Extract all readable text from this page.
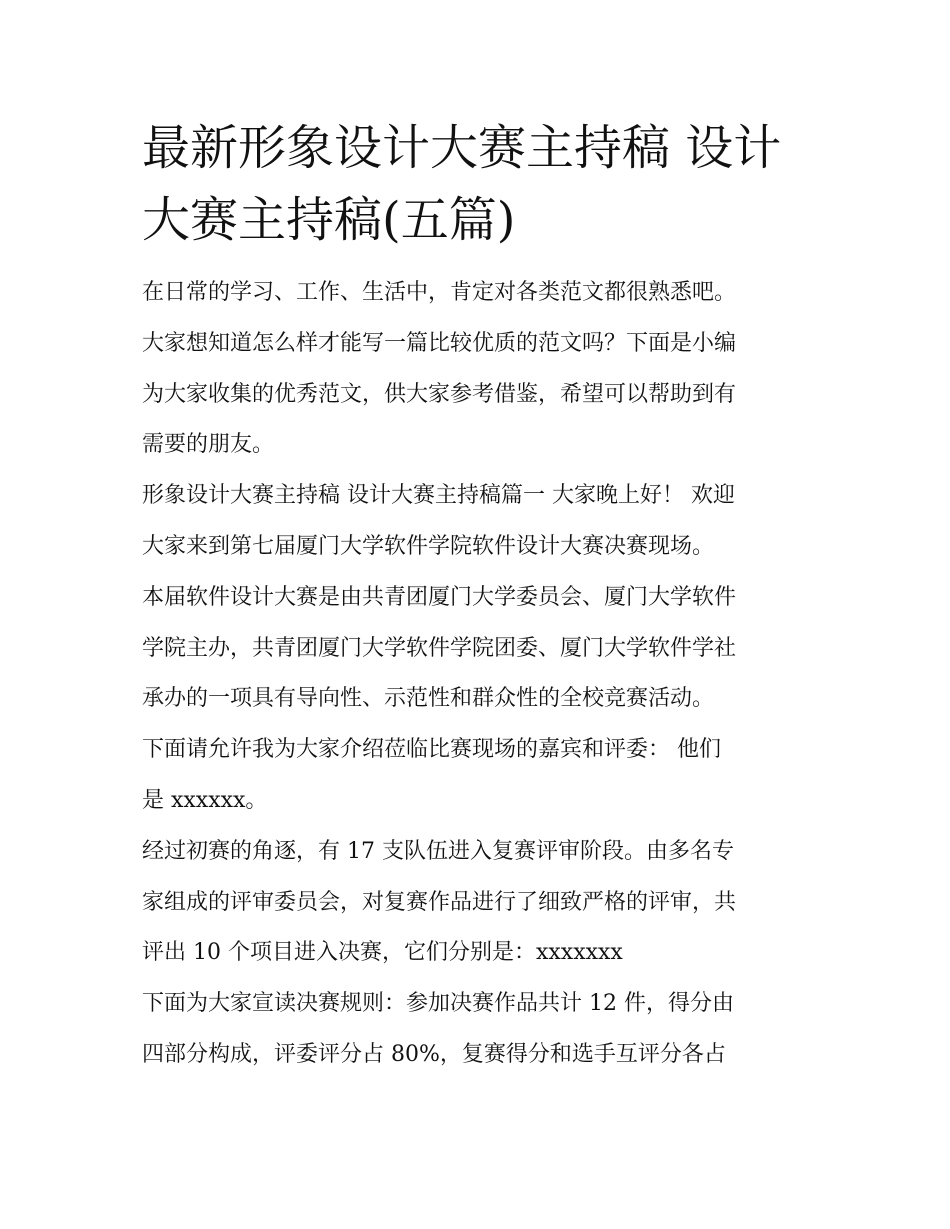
最新形象设计大赛主持稿 设计
大赛主持稿(五篇)

在日常的学习、工作、生活中，肯定对各类范文都很熟悉吧。
大家想知道怎么样才能写一篇比较优质的范文吗？下面是小编
为大家收集的优秀范文，供大家参考借鉴，希望可以帮助到有
需要的朋友。

形象设计大赛主持稿 设计大赛主持稿篇一 大家晚上好！ 欢迎
大家来到第七届厦门大学软件学院软件设计大赛决赛现场。

本届软件设计大赛是由共青团厦门大学委员会、厦门大学软件
学院主办，共青团厦门大学软件学院团委、厦门大学软件学社
承办的一项具有导向性、示范性和群众性的全校竞赛活动。

下面请允许我为大家介绍莅临比赛现场的嘉宾和评委： 他们
是 xxxxxx。

经过初赛的角逐，有 17 支队伍进入复赛评审阶段。由多名专
家组成的评审委员会，对复赛作品进行了细致严格的评审，共
评出 10 个项目进入决赛，它们分别是：xxxxxxx

下面为大家宣读决赛规则：参加决赛作品共计 12 件，得分由
四部分构成，评委评分占 80%，复赛得分和选手互评分各占
